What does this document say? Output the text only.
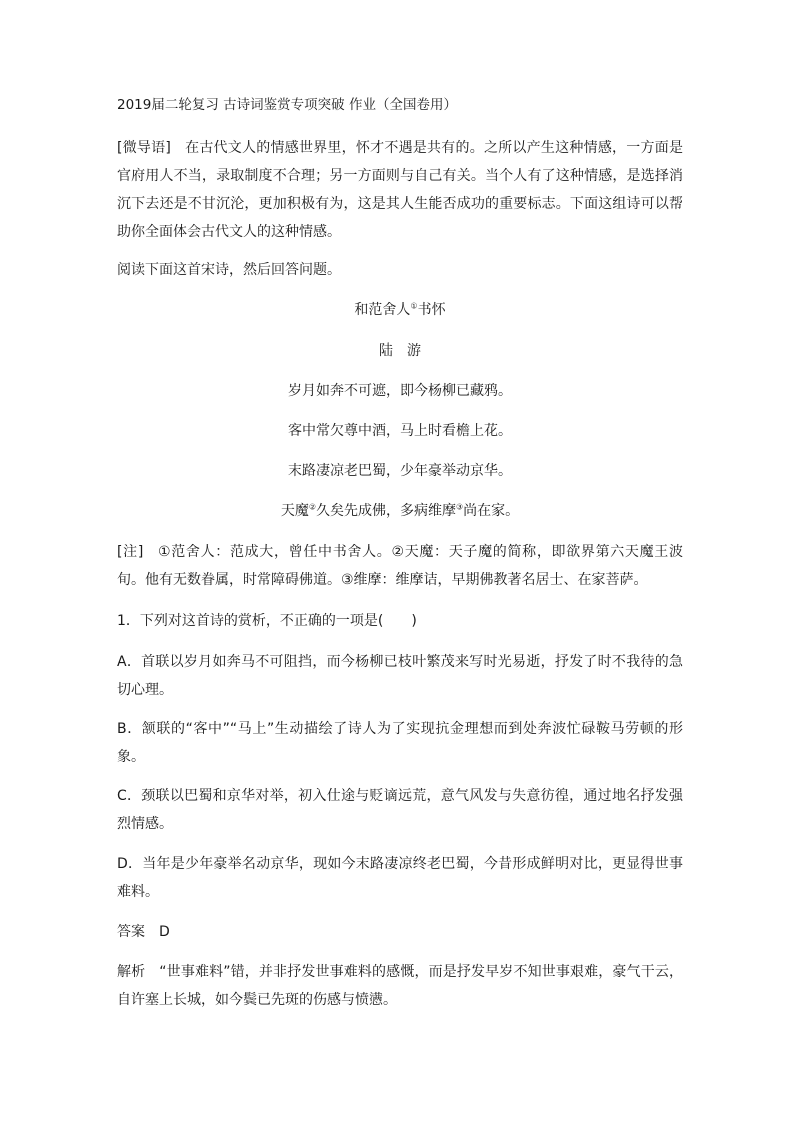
2019届二轮复习 古诗词鉴赏专项突破 作业（全国卷用）
[微导语] 在古代文人的情感世界里，怀才不遇是共有的。之所以产生这种情感，一方面是官府用人不当，录取制度不合理；另一方面则与自己有关。当个人有了这种情感，是选择消沉下去还是不甘沉沦，更加积极有为，这是其人生能否成功的重要标志。下面这组诗可以帮助你全面体会古代文人的这种情感。
阅读下面这首宋诗，然后回答问题。
和范舍人①书怀
陆　游
岁月如奔不可遮，即今杨柳已藏鸦。
客中常欠尊中酒，马上时看檐上花。
末路凄凉老巴蜀，少年豪举动京华。
天魔②久矣先成佛，多病维摩③尚在家。
[注] ①范舍人：范成大，曾任中书舍人。②天魔：天子魔的简称，即欲界第六天魔王波旬。他有无数眷属，时常障碍佛道。③维摩：维摩诘，早期佛教著名居士、在家菩萨。
1．下列对这首诗的赏析，不正确的一项是(　　)
A．首联以岁月如奔马不可阻挡，而今杨柳已枝叶繁茂来写时光易逝，抒发了时不我待的急切心理。
B．颔联的“客中”“马上”生动描绘了诗人为了实现抗金理想而到处奔波忙碌鞍马劳顿的形象。
C．颈联以巴蜀和京华对举，初入仕途与贬谪远荒，意气风发与失意彷徨，通过地名抒发强烈情感。
D．当年是少年豪举名动京华，现如今末路凄凉终老巴蜀，今昔形成鲜明对比，更显得世事难料。
答案 D
解析 “世事难料”错，并非抒发世事难料的感慨，而是抒发早岁不知世事艰难，豪气干云，自许塞上长城，如今鬓已先斑的伤感与愤懑。
